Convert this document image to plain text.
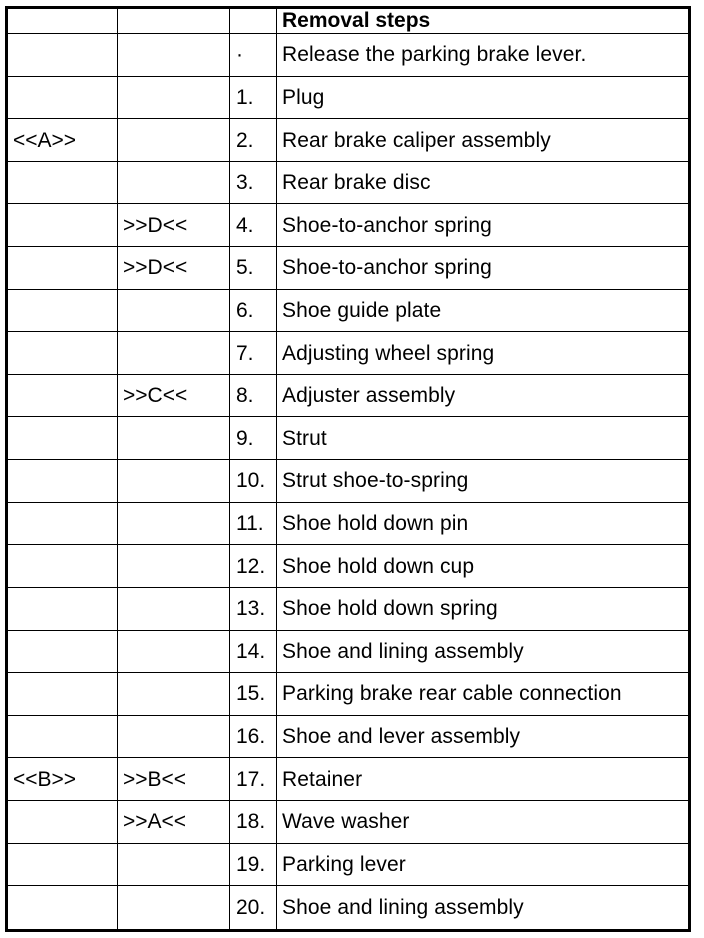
			Removal steps
		·	Release the parking brake lever.
		1.	Plug
<<A>>		2.	Rear brake caliper assembly
		3.	Rear brake disc
	>>D<<	4.	Shoe-to-anchor spring
	>>D<<	5.	Shoe-to-anchor spring
		6.	Shoe guide plate
		7.	Adjusting wheel spring
	>>C<<	8.	Adjuster assembly
		9.	Strut
		10.	Strut shoe-to-spring
		11.	Shoe hold down pin
		12.	Shoe hold down cup
		13.	Shoe hold down spring
		14.	Shoe and lining assembly
		15.	Parking brake rear cable connection
		16.	Shoe and lever assembly
<<B>>	>>B<<	17.	Retainer
	>>A<<	18.	Wave washer
		19.	Parking lever
		20.	Shoe and lining assembly
